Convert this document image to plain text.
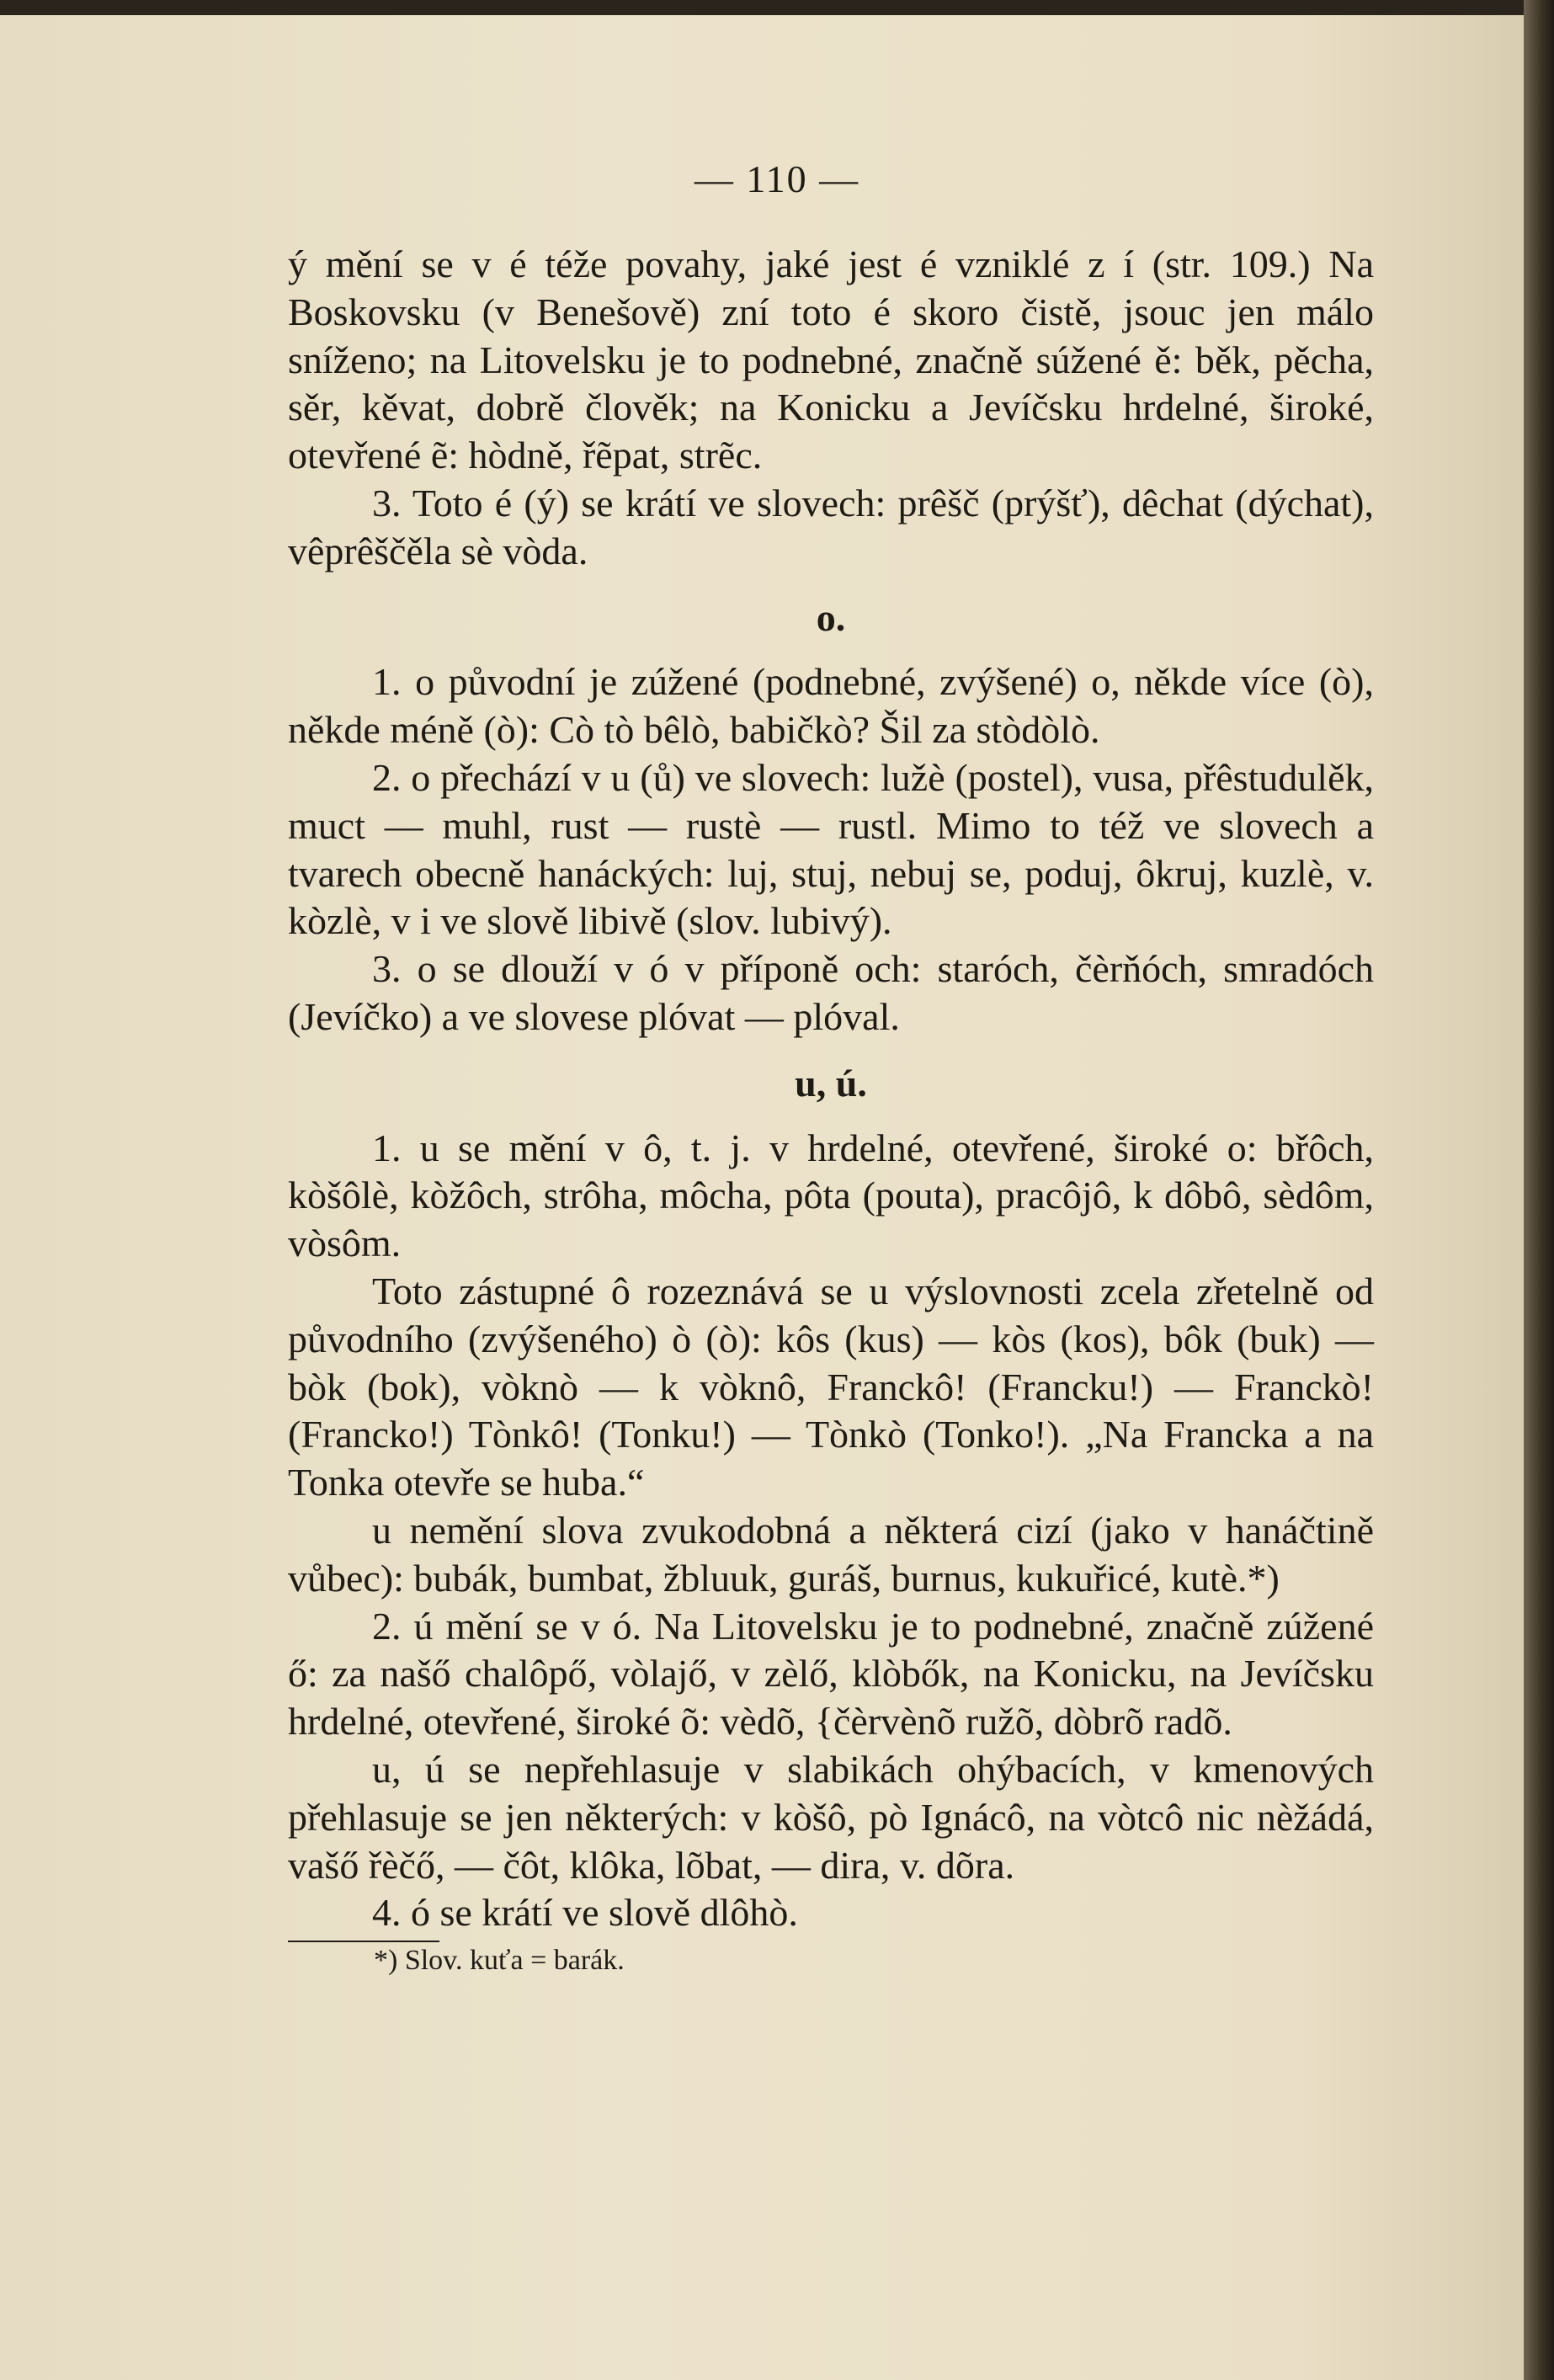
— 110 —

ý mění se v é téže povahy, jaké jest é vzniklé z í (str. 109.) Na Boskovsku (v Benešově) zní toto é skoro čistě, jsouc jen málo sníženo; na Litovelsku je to podnebné, značně súžené ě: běk, pěcha, sěr, kěvat, dobrě člověk; na Konicku a Jevíčsku hrdelné, široké, otevřené ẽ: hòdně, řẽpat, strẽc.

3. Toto é (ý) se krátí ve slovech: prêšč (prýšť), dêchat (dýchat), vêprêščěla sè vòda.

o.

1. o původní je zúžené (podnebné, zvýšené) o, někde více (ò), někde méně (ò): Cò tò bêlò, babičkò? Šil za stòdòlò.

2. o přechází v u (ů) ve slovech: lužè (postel), vusa, přêstudulěk, muct — muhl, rust — rustè — rustl. Mimo to též ve slovech a tvarech obecně hanáckých: luj, stuj, nebuj se, poduj, ôkruj, kuzlè, v. kòzlè, v i ve slově libivě (slov. lubivý).

3. o se dlouží v ó v příponě och: staróch, čèrňóch, smradóch (Jevíčko) a ve slovese plóvat — plóval.

u, ú.

1. u se mění v ô, t. j. v hrdelné, otevřené, široké o: břôch, kòšôlè, kòžôch, strôha, môcha, pôta (pouta), pracôjô, k dôbô, sèdôm, vòsôm.

Toto zástupné ô rozeznává se u výslovnosti zcela zřetelně od původního (zvýšeného) ò (ò): kôs (kus) — kòs (kos), bôk (buk) — bòk (bok), vòknò — k vòknô, Franckô! (Francku!) — Franckò! (Francko!) Tònkô! (Tonku!) — Tònkò (Tonko!). „Na Francka a na Tonka otevře se huba.“

u nemění slova zvukodobná a některá cizí (jako v hanáčtině vůbec): bubák, bumbat, žbluuk, guráš, burnus, kukuřicé, kutè.*)

2. ú mění se v ó. Na Litovelsku je to podnebné, značně zúžené ő: za našő chalôpő, vòlajő, v zèlő, klòbők, na Konicku, na Jevíčsku hrdelné, otevřené, široké õ: vèdõ, {čèrvènõ ružõ, dòbrõ radõ.

u, ú se nepřehlasuje v slabikách ohýbacích, v kmenových přehlasuje se jen některých: v kòšô, pò Ignácô, na vòtcô nic nèžádá, vašő řèčő, — čôt, klôka, lõbat, — dira, v. dõra.

4. ó se krátí ve slově dlôhò.

*) Slov. kuťa = barák.
